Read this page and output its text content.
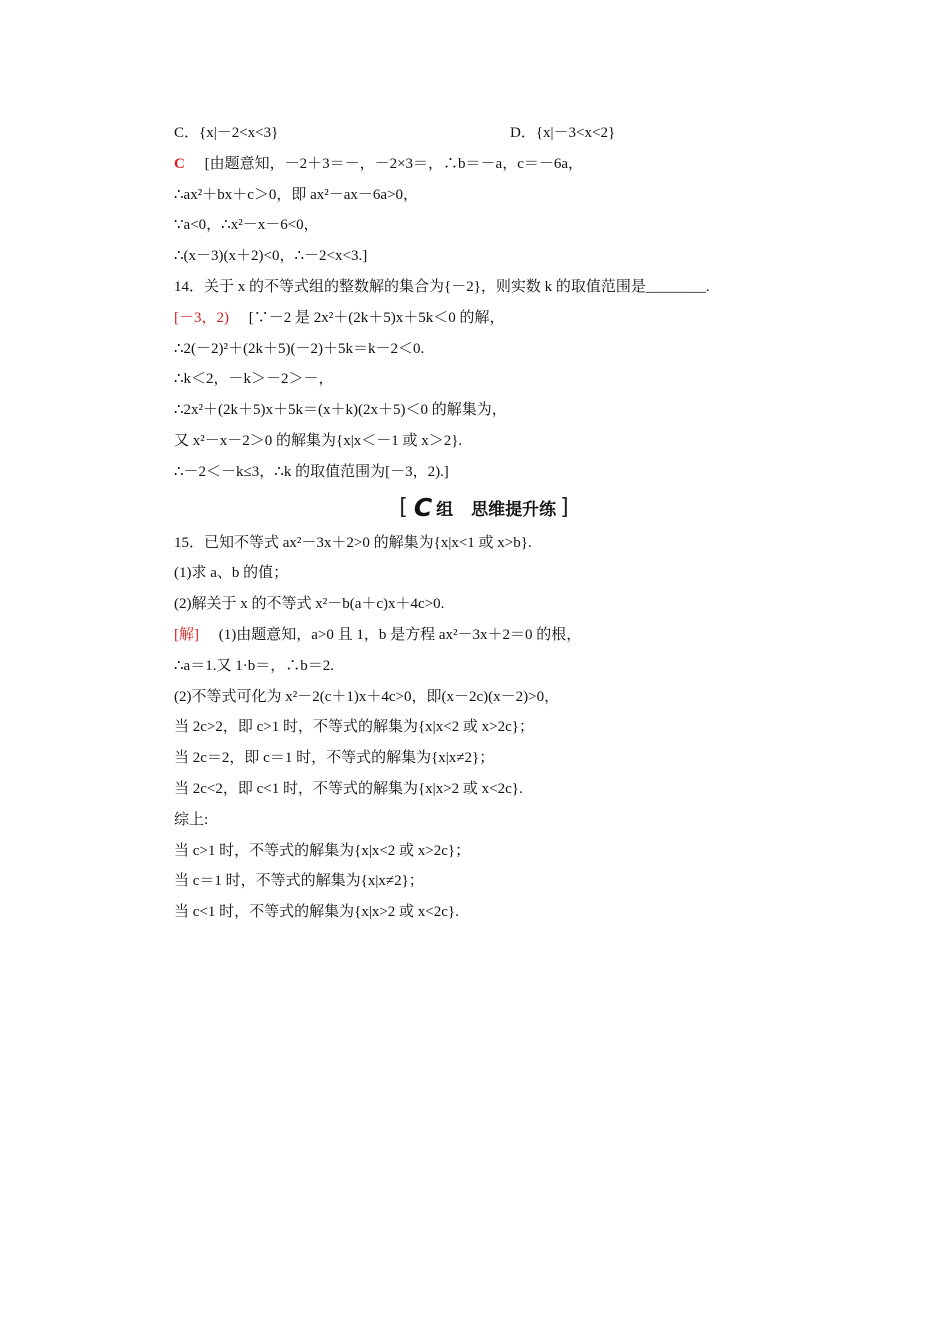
C．{x|－2<x<3}	D．{x|－3<x<2}
C [由题意知，－2＋3＝－，－2×3＝，∴b＝－a，c＝－6a，
∴ax²＋bx＋c＞0，即 ax²－ax－6a>0，
∵a<0，∴x²－x－6<0，
∴(x－3)(x＋2)<0，∴－2<x<3.]
14．关于 x 的不等式组的整数解的集合为{－2}，则实数 k 的取值范围是________.
[－3，2) [∵－2 是 2x²＋(2k＋5)x＋5k＜0 的解，
∴2(－2)²＋(2k＋5)(－2)＋5k＝k－2＜0.
∴k＜2，－k＞－2＞－，
∴2x²＋(2k＋5)x＋5k＝(x＋k)(2x＋5)＜0 的解集为，
又 x²－x－2＞0 的解集为{x|x＜－1 或 x＞2}.
∴－2＜－k≤3，∴k 的取值范围为[－3，2).]
[ C 组 思维提升练 ]
15．已知不等式 ax²－3x＋2>0 的解集为{x|x<1 或 x>b}.
(1)求 a、b 的值；
(2)解关于 x 的不等式 x²－b(a＋c)x＋4c>0.
[解] (1)由题意知，a>0 且 1，b 是方程 ax²－3x＋2＝0 的根，
∴a＝1.又 1·b＝，∴b＝2.
(2)不等式可化为 x²－2(c＋1)x＋4c>0，即(x－2c)(x－2)>0，
当 2c>2，即 c>1 时，不等式的解集为{x|x<2 或 x>2c}；
当 2c＝2，即 c＝1 时，不等式的解集为{x|x≠2}；
当 2c<2，即 c<1 时，不等式的解集为{x|x>2 或 x<2c}.
综上:
当 c>1 时，不等式的解集为{x|x<2 或 x>2c}；
当 c＝1 时，不等式的解集为{x|x≠2}；
当 c<1 时，不等式的解集为{x|x>2 或 x<2c}.
